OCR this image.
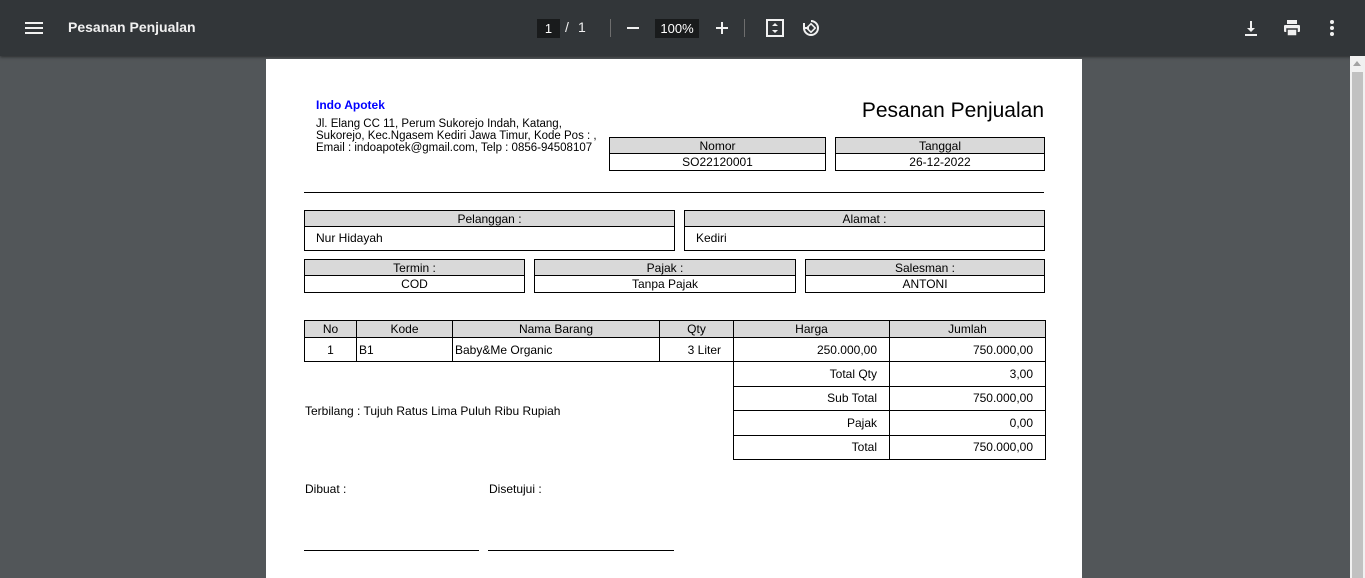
Pesanan Penjualan	1 / 1	100%
Indo Apotek
Jl. Elang CC 11, Perum Sukorejo Indah, Katang, Sukorejo, Kec.Ngasem Kediri Jawa Timur, Kode Pos : , Email : indoapotek@gmail.com, Telp : 0856-94508107
Pesanan Penjualan
Nomor
SO22120001
Tanggal
26-12-2022
Pelanggan :
Nur Hidayah
Alamat :
Kediri
Termin :
COD
Pajak :
Tanpa Pajak
Salesman :
ANTONI
No	Kode	Nama Barang	Qty	Harga	Jumlah
1	B1	Baby&Me Organic	3 Liter	250.000,00	750.000,00
Total Qty	3,00
Sub Total	750.000,00
Pajak	0,00
Total	750.000,00
Terbilang : Tujuh Ratus Lima Puluh Ribu Rupiah
Dibuat :	Disetujui :
